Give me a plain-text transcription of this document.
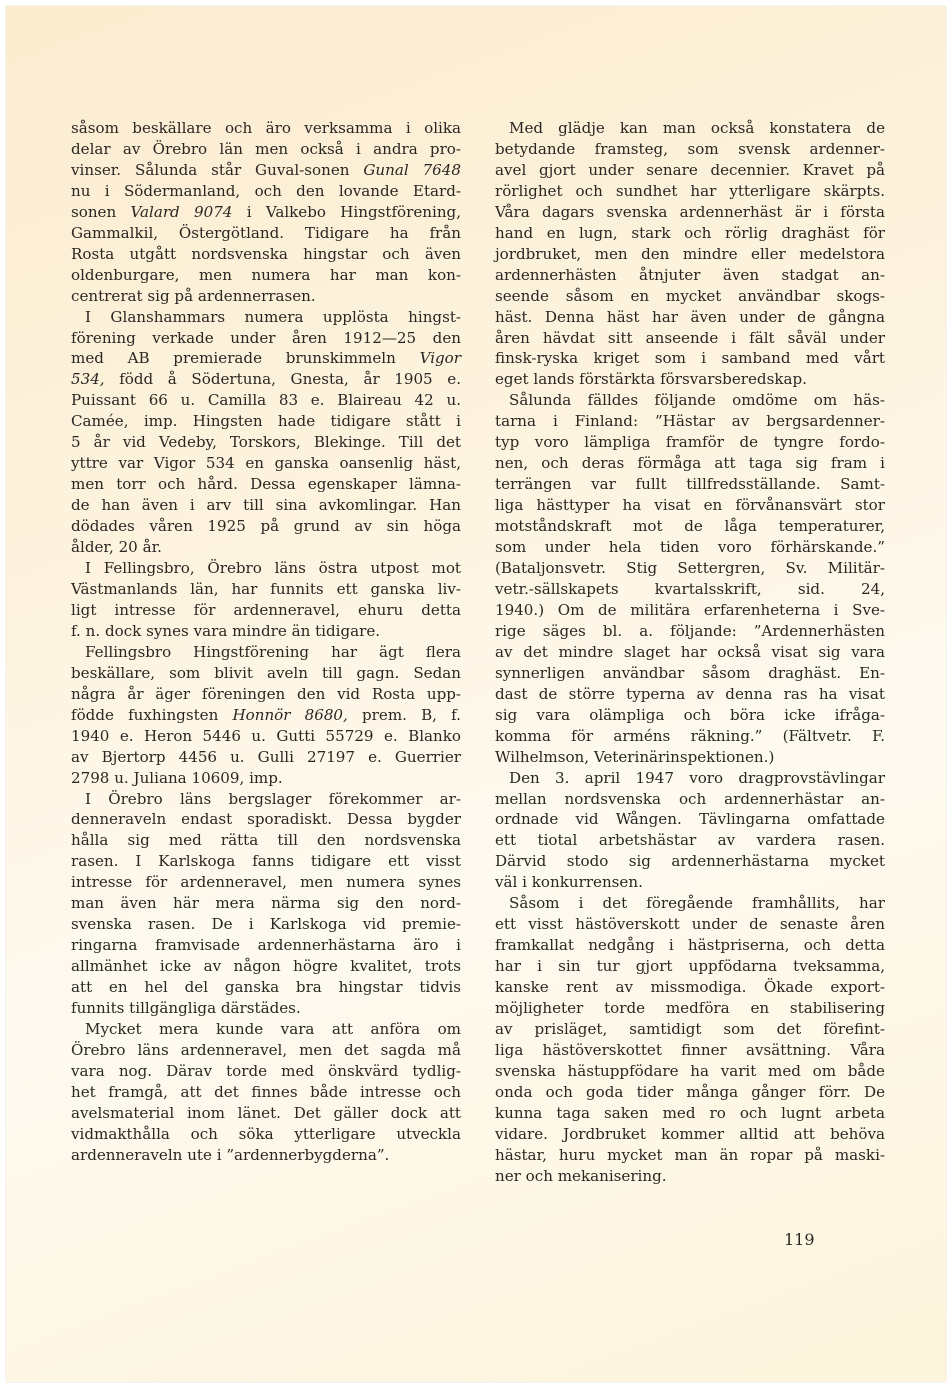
såsom beskällare och äro verksamma i olika
delar av Örebro län men också i andra pro-
vinser. Sålunda står Guval-sonen Gunal 7648
nu i Södermanland, och den lovande Etard-
sonen Valard 9074 i Valkebo Hingstförening,
Gammalkil, Östergötland. Tidigare ha från
Rosta utgått nordsvenska hingstar och även
oldenburgare, men numera har man kon-
centrerat sig på ardennerrasen.
I Glanshammars numera upplösta hingst-
förening verkade under åren 1912—25 den
med AB premierade brunskimmeln Vigor
534, född å Södertuna, Gnesta, år 1905 e.
Puissant 66 u. Camilla 83 e. Blaireau 42 u.
Camée, imp. Hingsten hade tidigare stått i
5 år vid Vedeby, Torskors, Blekinge. Till det
yttre var Vigor 534 en ganska oansenlig häst,
men torr och hård. Dessa egenskaper lämna-
de han även i arv till sina avkomlingar. Han
dödades våren 1925 på grund av sin höga
ålder, 20 år.
I Fellingsbro, Örebro läns östra utpost mot
Västmanlands län, har funnits ett ganska liv-
ligt intresse för ardenneravel, ehuru detta
f. n. dock synes vara mindre än tidigare.
Fellingsbro Hingstförening har ägt flera
beskällare, som blivit aveln till gagn. Sedan
några år äger föreningen den vid Rosta upp-
födde fuxhingsten Honnör 8680, prem. B, f.
1940 e. Heron 5446 u. Gutti 55729 e. Blanko
av Bjertorp 4456 u. Gulli 27197 e. Guerrier
2798 u. Juliana 10609, imp.
I Örebro läns bergslager förekommer ar-
denneraveln endast sporadiskt. Dessa bygder
hålla sig med rätta till den nordsvenska
rasen. I Karlskoga fanns tidigare ett visst
intresse för ardenneravel, men numera synes
man även här mera närma sig den nord-
svenska rasen. De i Karlskoga vid premie-
ringarna framvisade ardennerhästarna äro i
allmänhet icke av någon högre kvalitet, trots
att en hel del ganska bra hingstar tidvis
funnits tillgängliga därstädes.
Mycket mera kunde vara att anföra om
Örebro läns ardenneravel, men det sagda må
vara nog. Därav torde med önskvärd tydlig-
het framgå, att det finnes både intresse och
avelsmaterial inom länet. Det gäller dock att
vidmakthålla och söka ytterligare utveckla
ardenneraveln ute i ”ardennerbygderna”.
Med glädje kan man också konstatera de
betydande framsteg, som svensk ardenner-
avel gjort under senare decennier. Kravet på
rörlighet och sundhet har ytterligare skärpts.
Våra dagars svenska ardennerhäst är i första
hand en lugn, stark och rörlig draghäst för
jordbruket, men den mindre eller medelstora
ardennerhästen åtnjuter även stadgat an-
seende såsom en mycket användbar skogs-
häst. Denna häst har även under de gångna
åren hävdat sitt anseende i fält såväl under
finsk-ryska kriget som i samband med vårt
eget lands förstärkta försvarsberedskap.
Sålunda fälldes följande omdöme om häs-
tarna i Finland: ”Hästar av bergsardenner-
typ voro lämpliga framför de tyngre fordo-
nen, och deras förmåga att taga sig fram i
terrängen var fullt tillfredsställande. Samt-
liga hästtyper ha visat en förvånansvärt stor
motståndskraft mot de låga temperaturer,
som under hela tiden voro förhärskande.”
(Bataljonsvetr. Stig Settergren, Sv. Militär-
vetr.-sällskapets kvartalsskrift, sid. 24,
1940.) Om de militära erfarenheterna i Sve-
rige säges bl. a. följande: ”Ardennerhästen
av det mindre slaget har också visat sig vara
synnerligen användbar såsom draghäst. En-
dast de större typerna av denna ras ha visat
sig vara olämpliga och böra icke ifråga-
komma för arméns räkning.” (Fältvetr. F.
Wilhelmson, Veterinärinspektionen.)
Den 3. april 1947 voro dragprovstävlingar
mellan nordsvenska och ardennerhästar an-
ordnade vid Wången. Tävlingarna omfattade
ett tiotal arbetshästar av vardera rasen.
Därvid stodo sig ardennerhästarna mycket
väl i konkurrensen.
Såsom i det föregående framhållits, har
ett visst hästöverskott under de senaste åren
framkallat nedgång i hästpriserna, och detta
har i sin tur gjort uppfödarna tveksamma,
kanske rent av missmodiga. Ökade export-
möjligheter torde medföra en stabilisering
av prisläget, samtidigt som det förefint-
liga hästöverskottet finner avsättning. Våra
svenska hästuppfödare ha varit med om både
onda och goda tider många gånger förr. De
kunna taga saken med ro och lugnt arbeta
vidare. Jordbruket kommer alltid att behöva
hästar, huru mycket man än ropar på maski-
ner och mekanisering.
119
